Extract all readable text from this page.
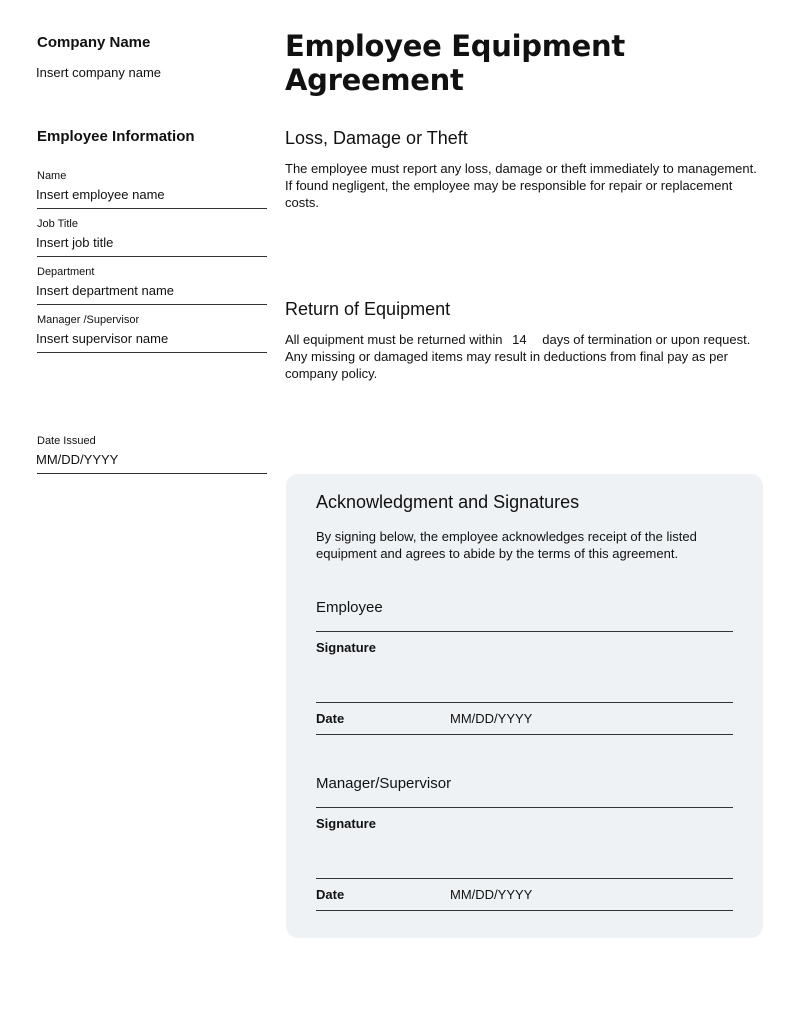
Company Name
Insert company name
Employee Information
Name
Insert employee name
Job Title
Insert job title
Department
Insert department name
Manager /Supervisor
Insert supervisor name
Date Issued
MM/DD/YYYY
Employee Equipment Agreement
Loss, Damage or Theft
The employee must report any loss, damage or theft immediately to management. If found negligent, the employee may be responsible for repair or replacement costs.
Return of Equipment
All equipment must be returned within 14 days of termination or upon request. Any missing or damaged items may result in deductions from final pay as per company policy.
Acknowledgment and Signatures
By signing below, the employee acknowledges receipt of the listed equipment and agrees to abide by the terms of this agreement.
Employee
Signature
Date	MM/DD/YYYY
Manager/Supervisor
Signature
Date	MM/DD/YYYY
